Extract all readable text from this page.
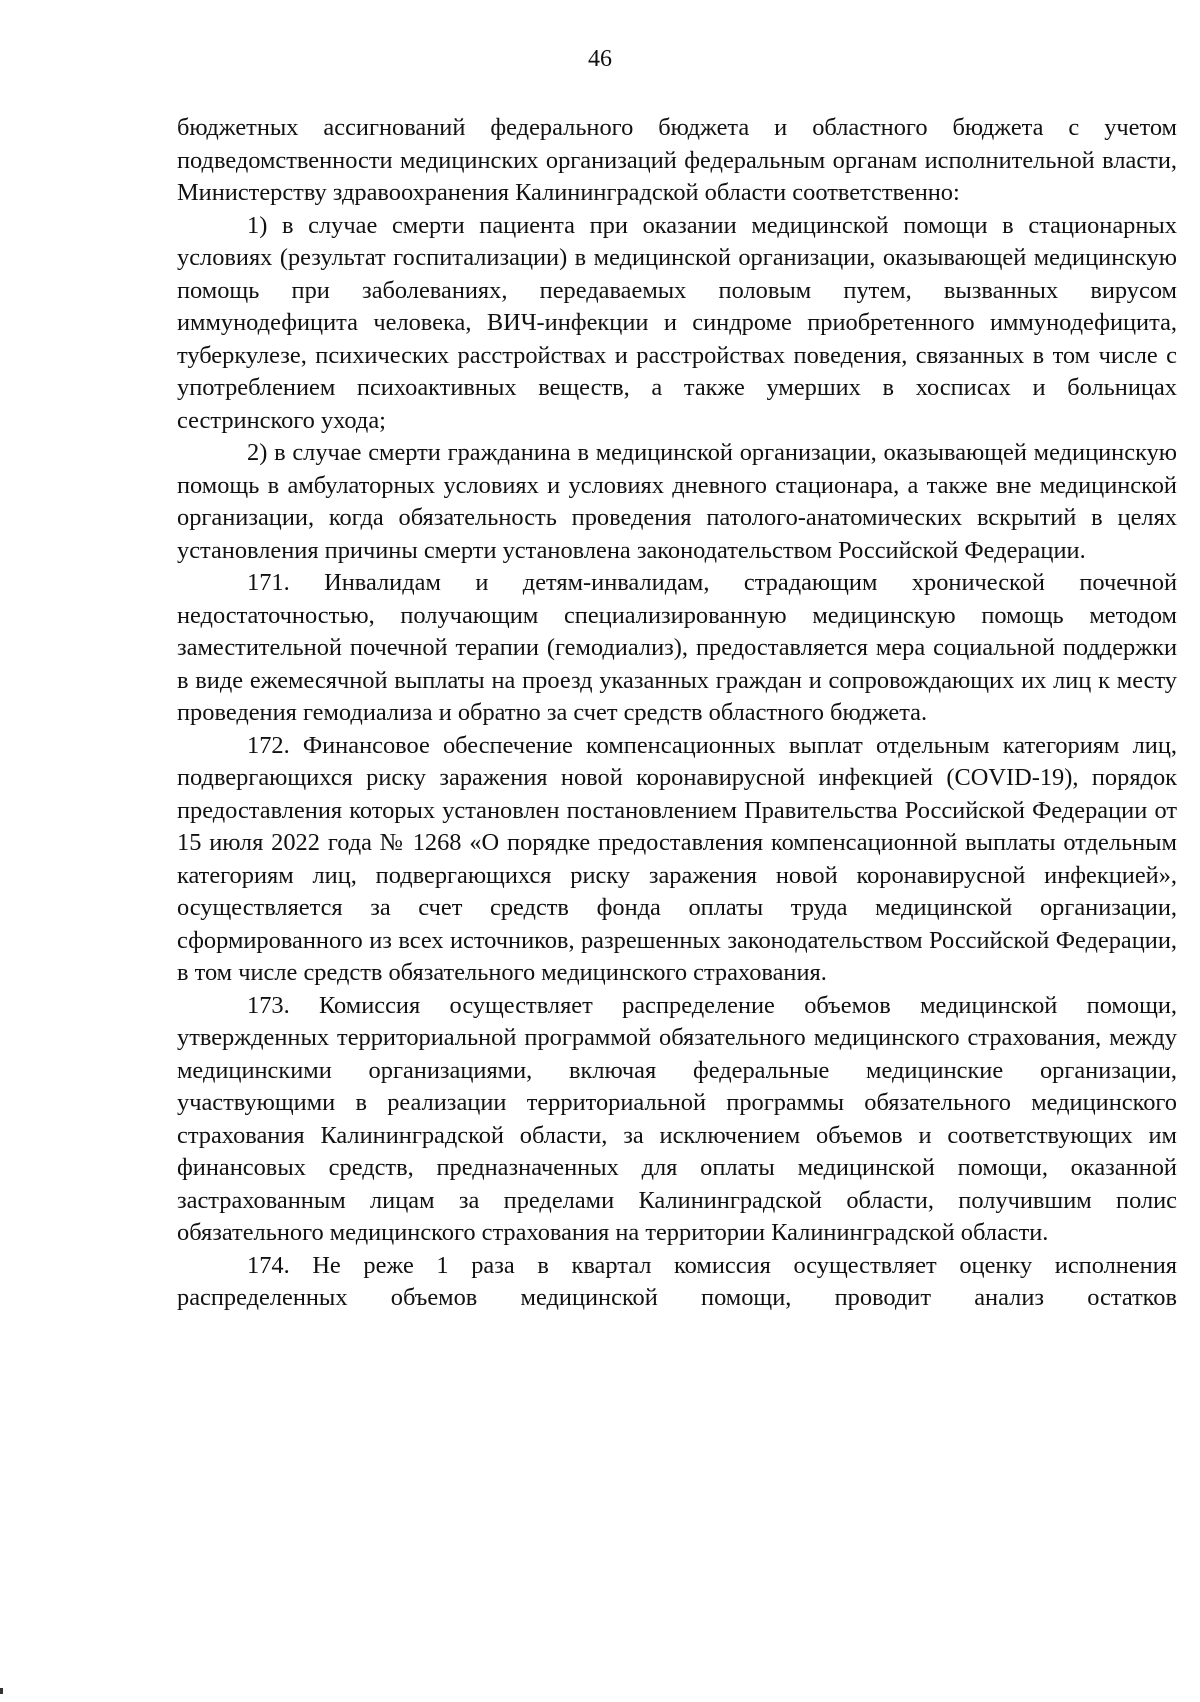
46

бюджетных ассигнований федерального бюджета и областного бюджета с учетом подведомственности медицинских организаций федеральным органам исполнительной власти, Министерству здравоохранения Калининградской области соответственно:

1) в случае смерти пациента при оказании медицинской помощи в стационарных условиях (результат госпитализации) в медицинской организации, оказывающей медицинскую помощь при заболеваниях, передаваемых половым путем, вызванных вирусом иммунодефицита человека, ВИЧ-инфекции и синдроме приобретенного иммунодефицита, туберкулезе, психических расстройствах и расстройствах поведения, связанных в том числе с употреблением психоактивных веществ, а также умерших в хосписах и больницах сестринского ухода;

2) в случае смерти гражданина в медицинской организации, оказывающей медицинскую помощь в амбулаторных условиях и условиях дневного стационара, а также вне медицинской организации, когда обязательность проведения патолого-анатомических вскрытий в целях установления причины смерти установлена законодательством Российской Федерации.

171. Инвалидам и детям-инвалидам, страдающим хронической почечной недостаточностью, получающим специализированную медицинскую помощь методом заместительной почечной терапии (гемодиализ), предоставляется мера социальной поддержки в виде ежемесячной выплаты на проезд указанных граждан и сопровождающих их лиц к месту проведения гемодиализа и обратно за счет средств областного бюджета.

172. Финансовое обеспечение компенсационных выплат отдельным категориям лиц, подвергающихся риску заражения новой коронавирусной инфекцией (COVID-19), порядок предоставления которых установлен постановлением Правительства Российской Федерации от 15 июля 2022 года № 1268 «О порядке предоставления компенсационной выплаты отдельным категориям лиц, подвергающихся риску заражения новой коронавирусной инфекцией», осуществляется за счет средств фонда оплаты труда медицинской организации, сформированного из всех источников, разрешенных законодательством Российской Федерации, в том числе средств обязательного медицинского страхования.

173. Комиссия осуществляет распределение объемов медицинской помощи, утвержденных территориальной программой обязательного медицинского страхования, между медицинскими организациями, включая федеральные медицинские организации, участвующими в реализации территориальной программы обязательного медицинского страхования Калининградской области, за исключением объемов и соответствующих им финансовых средств, предназначенных для оплаты медицинской помощи, оказанной застрахованным лицам за пределами Калининградской области, получившим полис обязательного медицинского страхования на территории Калининградской области.

174. Не реже 1 раза в квартал комиссия осуществляет оценку исполнения распределенных объемов медицинской помощи, проводит анализ остатков
